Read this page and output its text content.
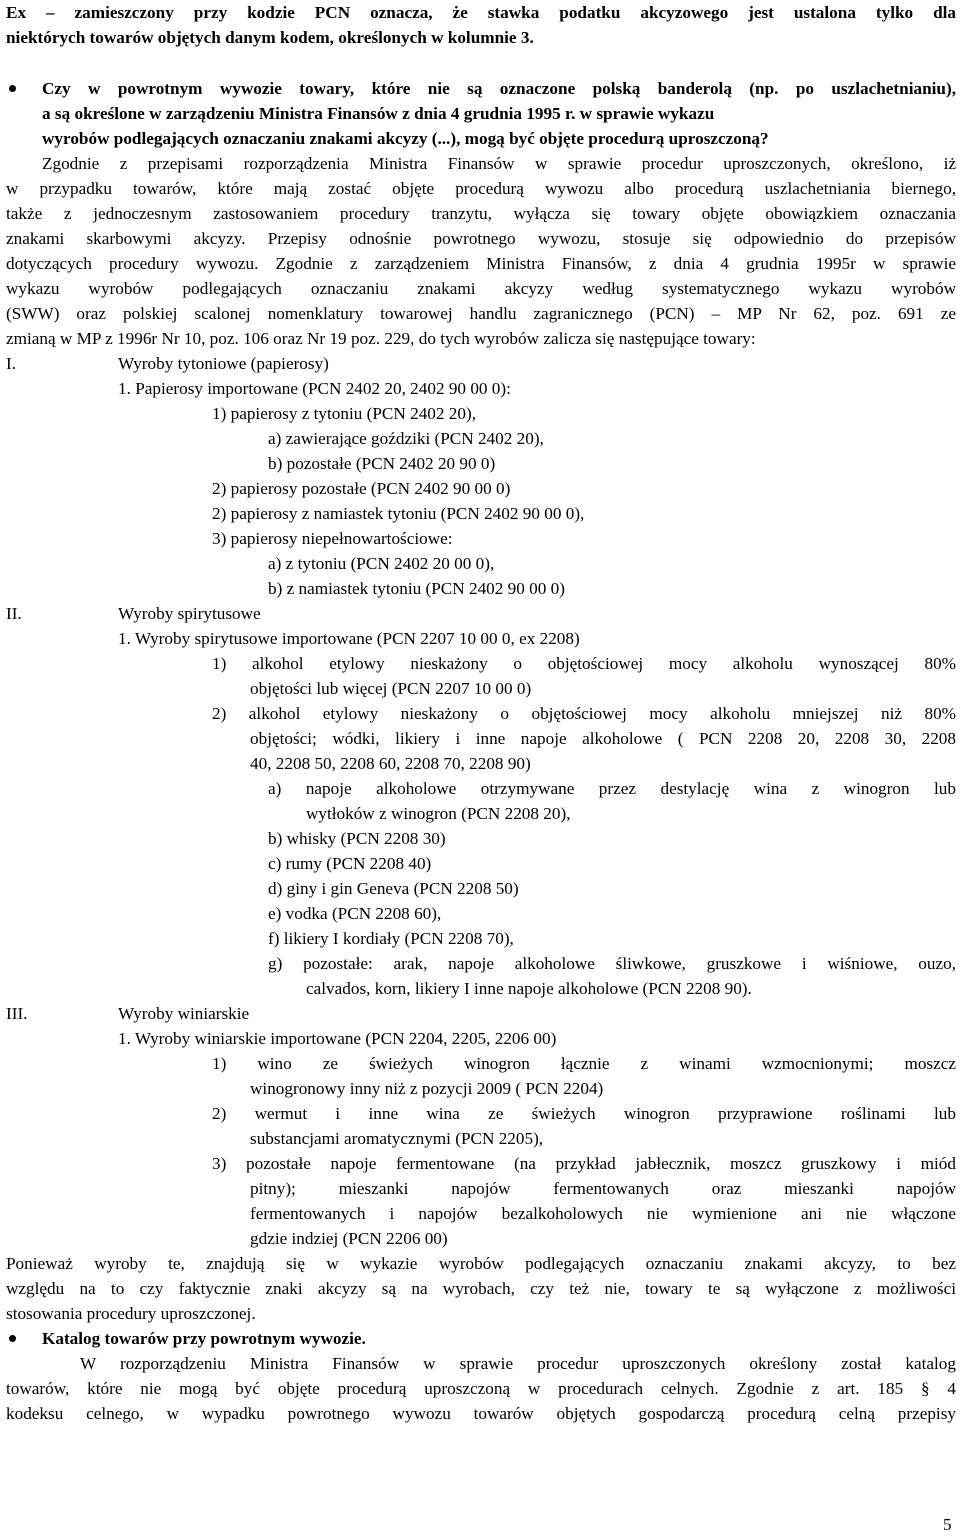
Ex – zamieszczony przy kodzie PCN oznacza, że stawka podatku akcyzowego jest ustalona tylko dla
niektórych towarów objętych danym kodem, określonych w kolumnie 3.
Czy w powrotnym wywozie towary, które nie są oznaczone polską banderolą (np. po uszlachetnianiu),
a są określone w zarządzeniu Ministra Finansów z dnia 4 grudnia 1995 r. w sprawie wykazu
wyrobów podlegających oznaczaniu znakami akcyzy (...), mogą być objęte procedurą uproszczoną?
Zgodnie z przepisami rozporządzenia Ministra Finansów w sprawie procedur uproszczonych, określono, iż
w przypadku towarów, które mają zostać objęte procedurą wywozu albo procedurą uszlachetniania biernego,
także z jednoczesnym zastosowaniem procedury tranzytu, wyłącza się towary objęte obowiązkiem oznaczania
znakami skarbowymi akcyzy. Przepisy odnośnie powrotnego wywozu, stosuje się odpowiednio do przepisów
dotyczących procedury wywozu. Zgodnie z zarządzeniem Ministra Finansów, z dnia 4 grudnia 1995r w sprawie
wykazu wyrobów podlegających oznaczaniu znakami akcyzy według systematycznego wykazu wyrobów
(SWW) oraz polskiej scalonej nomenklatury towarowej handlu zagranicznego (PCN) – MP Nr 62, poz. 691 ze
zmianą w MP z 1996r Nr 10, poz. 106 oraz Nr 19 poz. 229, do tych wyrobów zalicza się następujące towary:
I.	Wyroby tytoniowe (papierosy)
1. Papierosy importowane (PCN 2402 20, 2402 90 00 0):
1) papierosy z tytoniu (PCN 2402 20),
a) zawierające goździki (PCN 2402 20),
b) pozostałe (PCN 2402 20 90 0)
2) papierosy pozostałe (PCN 2402 90 00 0)
2) papierosy z namiastek tytoniu (PCN 2402 90 00 0),
3) papierosy niepełnowartościowe:
a) z tytoniu (PCN 2402 20 00 0),
b) z namiastek tytoniu (PCN 2402 90 00 0)
II.	Wyroby spirytusowe
1. Wyroby spirytusowe importowane (PCN 2207 10 00 0, ex 2208)
1) alkohol etylowy nieskażony o objętościowej mocy alkoholu wynoszącej 80%
objętości lub więcej (PCN 2207 10 00 0)
2) alkohol etylowy nieskażony o objętościowej mocy alkoholu mniejszej niż 80%
objętości; wódki, likiery i inne napoje alkoholowe ( PCN 2208 20, 2208 30, 2208
40, 2208 50, 2208 60, 2208 70, 2208 90)
a) napoje alkoholowe otrzymywane przez destylację wina z winogron lub
wytłoków z winogron (PCN 2208 20),
b) whisky (PCN 2208 30)
c) rumy (PCN 2208 40)
d) giny i gin Geneva (PCN 2208 50)
e) vodka (PCN 2208 60),
f) likiery I kordiały (PCN 2208 70),
g) pozostałe: arak, napoje alkoholowe śliwkowe, gruszkowe i wiśniowe, ouzo,
calvados, korn, likiery I inne napoje alkoholowe (PCN 2208 90).
III.	Wyroby winiarskie
1. Wyroby winiarskie importowane (PCN 2204, 2205, 2206 00)
1) wino ze świeżych winogron łącznie z winami wzmocnionymi; moszcz
winogronowy inny niż z pozycji 2009 ( PCN 2204)
2) wermut i inne wina ze świeżych winogron przyprawione roślinami lub
substancjami aromatycznymi (PCN 2205),
3) pozostałe napoje fermentowane (na przykład jabłecznik, moszcz gruszkowy i miód
pitny); mieszanki napojów fermentowanych oraz mieszanki napojów
fermentowanych i napojów bezalkoholowych nie wymienione ani nie włączone
gdzie indziej (PCN 2206 00)
Ponieważ wyroby te, znajdują się w wykazie wyrobów podlegających oznaczaniu znakami akcyzy, to bez
względu na to czy faktycznie znaki akcyzy są na wyrobach, czy też nie, towary te są wyłączone z możliwości
stosowania procedury uproszczonej.
Katalog towarów przy powrotnym wywozie.
W rozporządzeniu Ministra Finansów w sprawie procedur uproszczonych określony został katalog
towarów, które nie mogą być objęte procedurą uproszczoną w procedurach celnych. Zgodnie z art. 185 § 4
kodeksu celnego, w wypadku powrotnego wywozu towarów objętych gospodarczą procedurą celną przepisy
5
